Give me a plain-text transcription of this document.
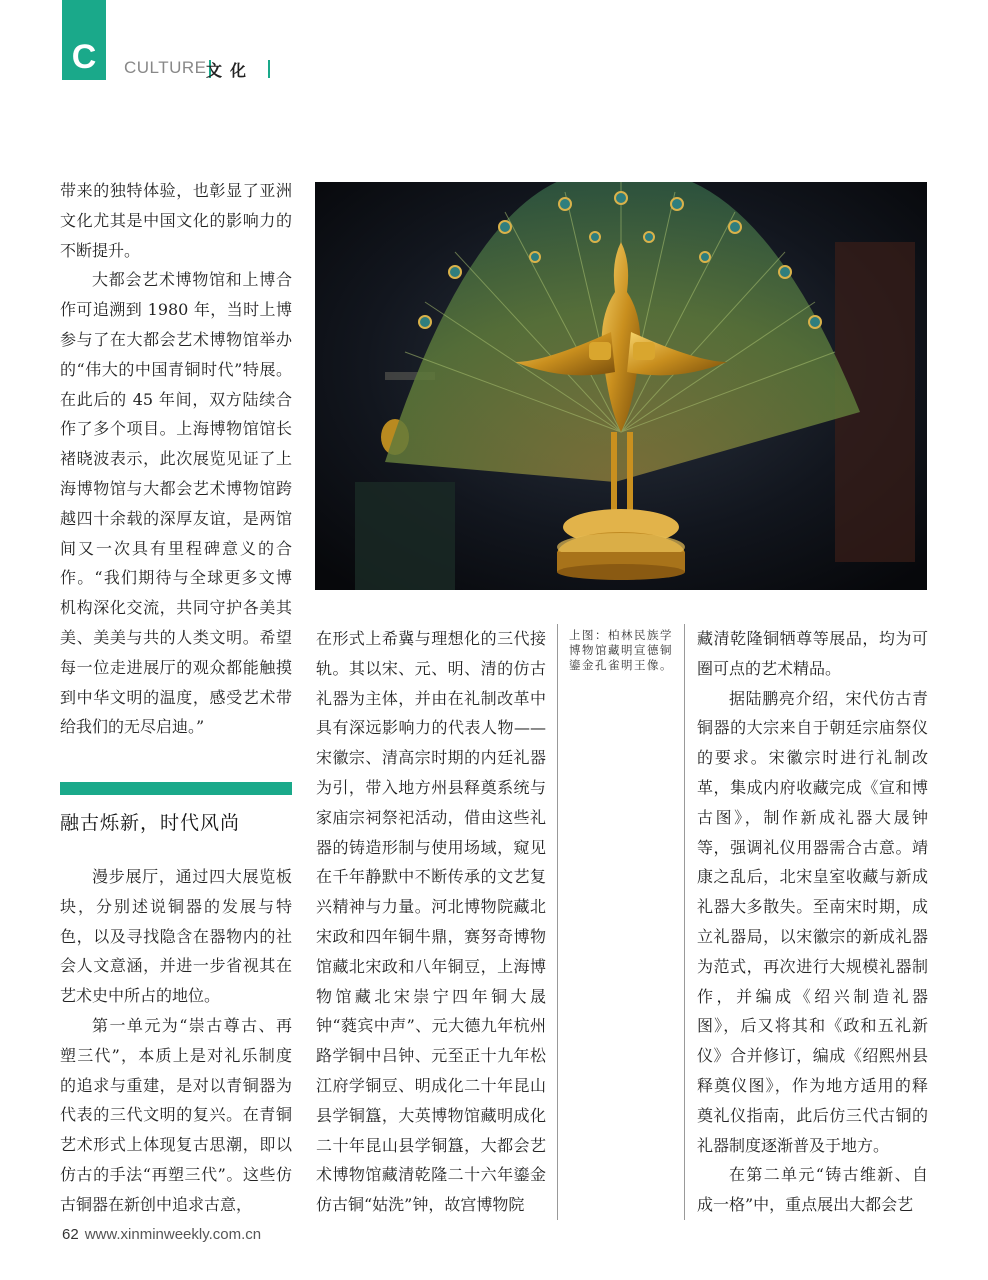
C	CULTURE 文化

带来的独特体验，也彰显了亚洲文化尤其是中国文化的影响力的不断提升。

大都会艺术博物馆和上博合作可追溯到 1980 年，当时上博参与了在大都会艺术博物馆举办的“伟大的中国青铜时代”特展。在此后的 45 年间，双方陆续合作了多个项目。上海博物馆馆长褚晓波表示，此次展览见证了上海博物馆与大都会艺术博物馆跨越四十余载的深厚友谊，是两馆间又一次具有里程碑意义的合作。“我们期待与全球更多文博机构深化交流，共同守护各美其美、美美与共的人类文明。希望每一位走进展厅的观众都能触摸到中华文明的温度，感受艺术带给我们的无尽启迪。”

融古烁新，时代风尚

漫步展厅，通过四大展览板块，分别述说铜器的发展与特色，以及寻找隐含在器物内的社会人文意涵，并进一步省视其在艺术史中所占的地位。

第一单元为“崇古尊古、再塑三代”，本质上是对礼乐制度的追求与重建，是对以青铜器为代表的三代文明的复兴。在青铜艺术形式上体现复古思潮，即以仿古的手法“再塑三代”。这些仿古铜器在新创中追求古意，

在形式上希冀与理想化的三代接轨。其以宋、元、明、清的仿古礼器为主体，并由在礼制改革中具有深远影响力的代表人物——宋徽宗、清高宗时期的内廷礼器为引，带入地方州县释奠系统与家庙宗祠祭祀活动，借由这些礼器的铸造形制与使用场域，窥见在千年静默中不断传承的文艺复兴精神与力量。河北博物院藏北宋政和四年铜牛鼎，赛努奇博物馆藏北宋政和八年铜豆，上海博物馆藏北宋崇宁四年铜大晟钟“蕤宾中声”、元大德九年杭州路学铜中吕钟、元至正十九年松江府学铜豆、明成化二十年昆山县学铜簋，大英博物馆藏明成化二十年昆山县学铜簋，大都会艺术博物馆藏清乾隆二十六年鎏金仿古铜“姑洗”钟，故宫博物院

上图：柏林民族学博物馆藏明宣德铜鎏金孔雀明王像。

藏清乾隆铜牺尊等展品，均为可圈可点的艺术精品。

据陆鹏亮介绍，宋代仿古青铜器的大宗来自于朝廷宗庙祭仪的要求。宋徽宗时进行礼制改革，集成内府收藏完成《宣和博古图》，制作新成礼器大晟钟等，强调礼仪用器需合古意。靖康之乱后，北宋皇室收藏与新成礼器大多散失。至南宋时期，成立礼器局，以宋徽宗的新成礼器为范式，再次进行大规模礼器制作，并编成《绍兴制造礼器图》，后又将其和《政和五礼新仪》合并修订，编成《绍熙州县释奠仪图》，作为地方适用的释奠礼仪指南，此后仿三代古铜的礼器制度逐渐普及于地方。

在第二单元“铸古维新、自成一格”中，重点展出大都会艺

62 www.xinminweekly.com.cn
